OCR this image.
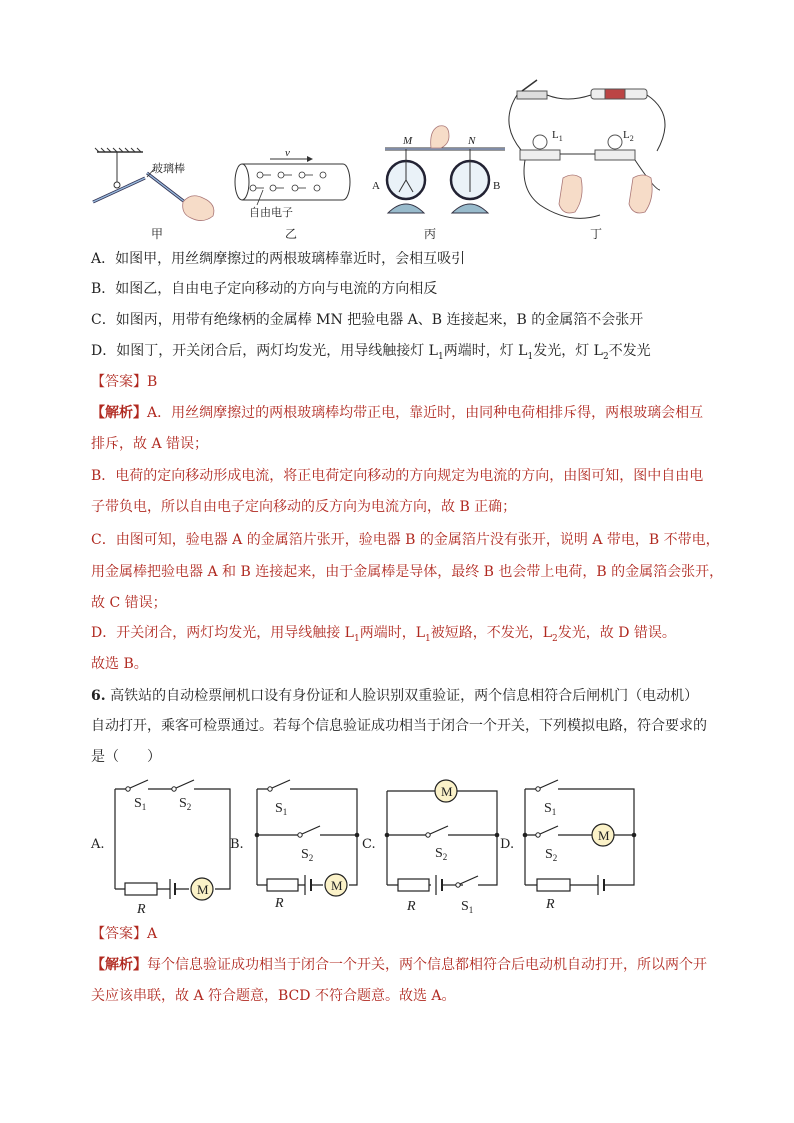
玻璃棒
v
自由电子
M	N
A	B
$L_1$	$L_2$
甲	乙	丙	丁
A．如图甲，用丝绸摩擦过的两根玻璃棒靠近时，会相互吸引
B．如图乙，自由电子定向移动的方向与电流的方向相反
C．如图丙，用带有绝缘柄的金属棒 MN 把验电器 A、B 连接起来，B 的金属箔不会张开
D．如图丁，开关闭合后，两灯均发光，用导线触接灯 $L_1$两端时，灯 $L_1$发光，灯 $L_2$不发光
【答案】B
【解析】A．用丝绸摩擦过的两根玻璃棒均带正电，靠近时，由同种电荷相排斥得，两根玻璃会相互
排斥，故 A 错误；
B．电荷的定向移动形成电流，将正电荷定向移动的方向规定为电流的方向，由图可知，图中自由电
子带负电，所以自由电子定向移动的反方向为电流方向，故 B 正确；
C．由图可知，验电器 A 的金属箔片张开，验电器 B 的金属箔片没有张开，说明 A 带电，B 不带电，
用金属棒把验电器 A 和 B 连接起来，由于金属棒是导体，最终 B 也会带上电荷，B 的金属箔会张开，
故 C 错误；
D．开关闭合，两灯均发光，用导线触接 $L_1$两端时，$L_1$被短路，不发光，$L_2$发光，故 D 错误。
故选 B。
6. 高铁站的自动检票闸机口设有身份证和人脸识别双重验证，两个信息相符合后闸机门（电动机）
自动打开，乘客可检票通过。若每个信息验证成功相当于闭合一个开关，下列模拟电路，符合要求的
是（　　）
$S_1$ $S_2$
R
M
$S_1$
$S_2$
R
M
M
$S_2$
R	$S_1$
$S_1$
$S_2$
M
R
A.	B.	C.	D.
【答案】A
【解析】每个信息验证成功相当于闭合一个开关，两个信息都相符合后电动机自动打开，所以两个开
关应该串联，故 A 符合题意，BCD 不符合题意。故选 A。
